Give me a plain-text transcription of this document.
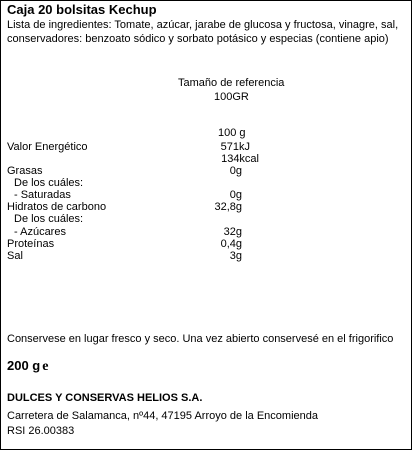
Caja 20 bolsitas Kechup
Lista de ingredientes: Tomate, azúcar, jarabe de glucosa y fructosa, vinagre, sal, conservadores: benzoato sódico y sorbato potásico y especias (contiene apio)
Tamaño de referencia
100GR
100 g
Valor Energético	571kJ
134kcal
Grasas	0g
De los cuáles:
- Saturadas	0g
Hidratos de carbono	32,8g
De los cuáles:
- Azúcares	32g
Proteínas	0,4g
Sal	3g
Conservese en lugar fresco y seco. Una vez abierto conservesé en el frigorifico
200 g e
DULCES Y CONSERVAS HELIOS S.A.
Carretera de Salamanca, nº44, 47195 Arroyo de la Encomienda
RSI 26.00383
